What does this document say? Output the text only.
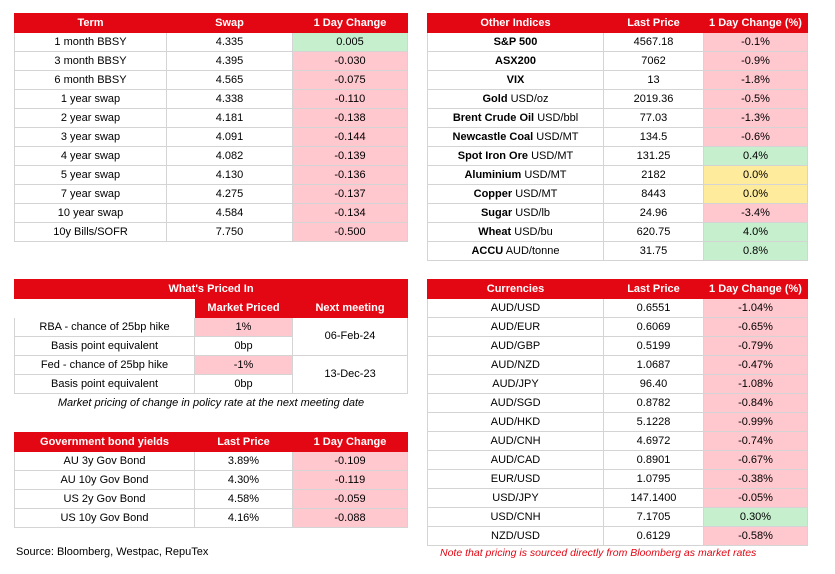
Term	Swap	1 Day Change
1 month BBSY	4.335	0.005
3 month BBSY	4.395	-0.030
6 month BBSY	4.565	-0.075
1 year swap	4.338	-0.110
2 year swap	4.181	-0.138
3 year swap	4.091	-0.144
4 year swap	4.082	-0.139
5 year swap	4.130	-0.136
7 year swap	4.275	-0.137
10 year swap	4.584	-0.134
10y Bills/SOFR	7.750	-0.500
Other Indices	Last Price	1 Day Change (%)
S&P 500	4567.18	-0.1%
ASX200	7062	-0.9%
VIX	13	-1.8%
Gold USD/oz	2019.36	-0.5%
Brent Crude Oil USD/bbl	77.03	-1.3%
Newcastle Coal USD/MT	134.5	-0.6%
Spot Iron Ore USD/MT	131.25	0.4%
Aluminium USD/MT	2182	0.0%
Copper USD/MT	8443	0.0%
Sugar USD/lb	24.96	-3.4%
Wheat USD/bu	620.75	4.0%
ACCU AUD/tonne	31.75	0.8%
What's Priced In		
	Market Priced	Next meeting
RBA - chance of 25bp hike	1%	06-Feb-24
Basis point equivalent	0bp	
Fed - chance of 25bp hike	-1%	13-Dec-23
Basis point equivalent	0bp	
Market pricing of change in policy rate at the next meeting date		
Government bond yields	Last Price	1 Day Change
AU 3y Gov Bond	3.89%	-0.109
AU 10y Gov Bond	4.30%	-0.119
US 2y Gov Bond	4.58%	-0.059
US 10y Gov Bond	4.16%	-0.088
Currencies	Last Price	1 Day Change (%)
AUD/USD	0.6551	-1.04%
AUD/EUR	0.6069	-0.65%
AUD/GBP	0.5199	-0.79%
AUD/NZD	1.0687	-0.47%
AUD/JPY	96.40	-1.08%
AUD/SGD	0.8782	-0.84%
AUD/HKD	5.1228	-0.99%
AUD/CNH	4.6972	-0.74%
AUD/CAD	0.8901	-0.67%
EUR/USD	1.0795	-0.38%
USD/JPY	147.1400	-0.05%
USD/CNH	7.1705	0.30%
NZD/USD	0.6129	-0.58%
Source: Bloomberg, Westpac, RepuTex	Note that pricing is sourced directly from Bloomberg as market rates
